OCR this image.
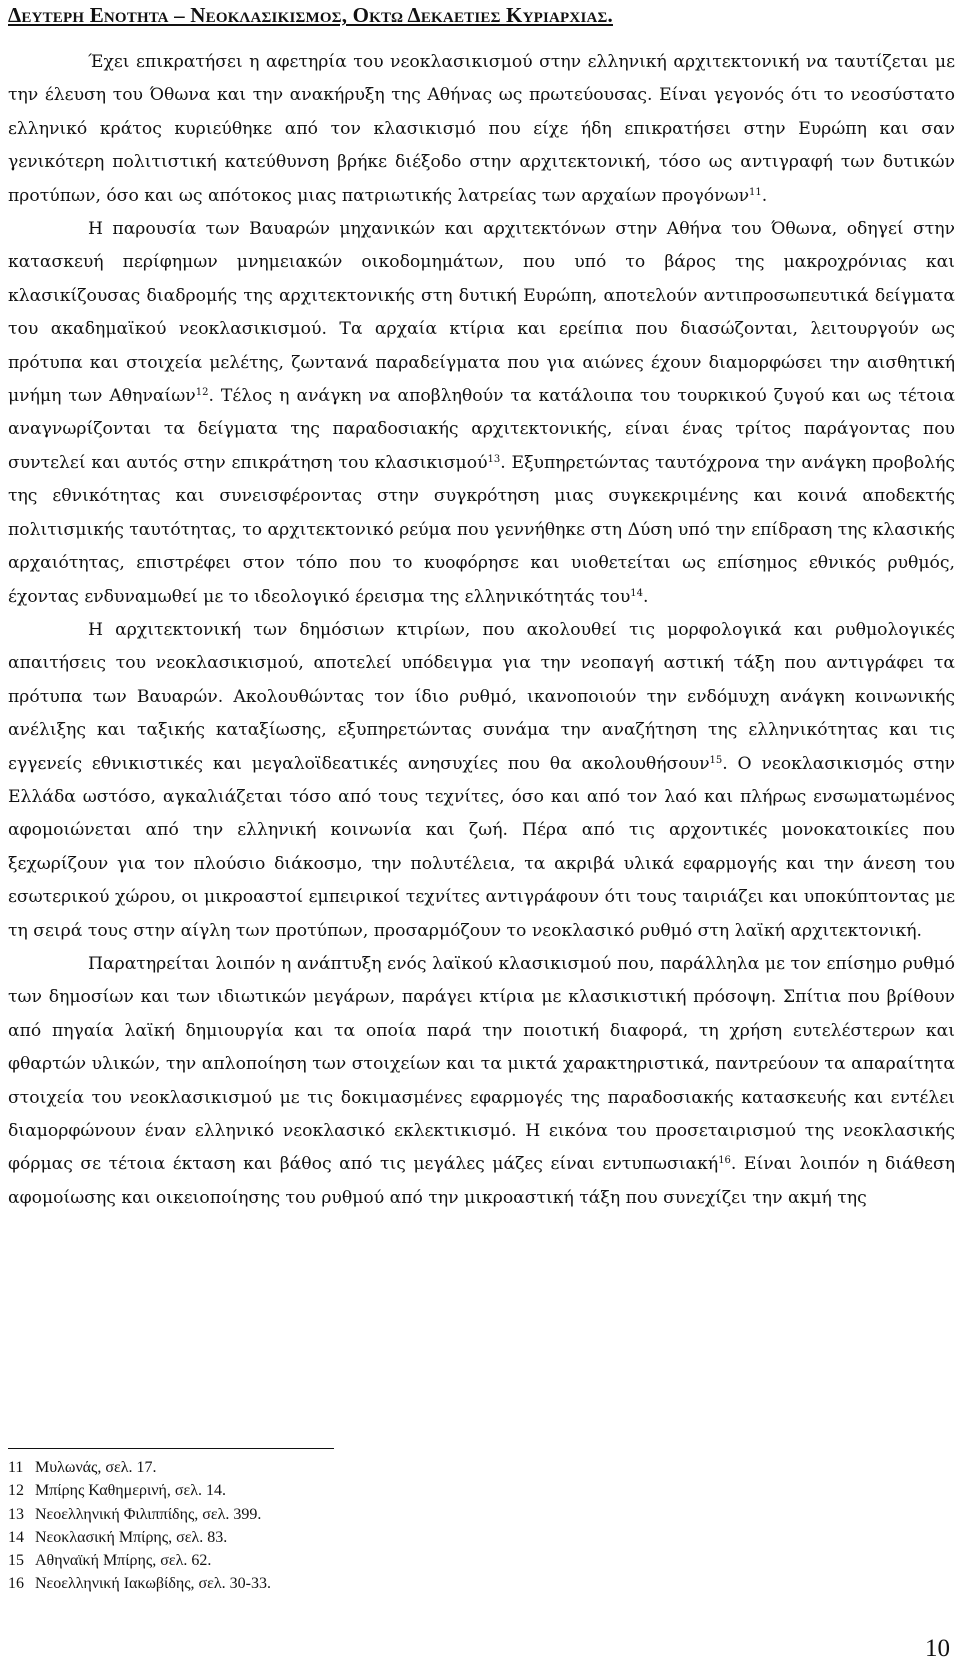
Δευτερη Ενοτητα – Νεοκλασικισμος, Οκτω Δεκαετιες Κυριαρχιας.

Έχει επικρατήσει η αφετηρία του νεοκλασικισμού στην ελληνική αρχιτεκτονική να ταυτίζεται με την έλευση του Όθωνα και την ανακήρυξη της Αθήνας ως πρωτεύουσας. Είναι γεγονός ότι το νεοσύστατο ελληνικό κράτος κυριεύθηκε από τον κλασικισμό που είχε ήδη επικρατήσει στην Ευρώπη και σαν γενικότερη πολιτιστική κατεύθυνση βρήκε διέξοδο στην αρχιτεκτονική, τόσο ως αντιγραφή των δυτικών προτύπων, όσο και ως απότοκος μιας πατριωτικής λατρείας των αρχαίων προγόνων$^{11}$.

Η παρουσία των Βαυαρών μηχανικών και αρχιτεκτόνων στην Αθήνα του Όθωνα, οδηγεί στην κατασκευή περίφημων μνημειακών οικοδομημάτων, που υπό το βάρος της μακροχρόνιας και κλασικίζουσας διαδρομής της αρχιτεκτονικής στη δυτική Ευρώπη, αποτελούν αντιπροσωπευτικά δείγματα του ακαδημαϊκού νεοκλασικισμού. Τα αρχαία κτίρια και ερείπια που διασώζονται, λειτουργούν ως πρότυπα και στοιχεία μελέτης, ζωντανά παραδείγματα που για αιώνες έχουν διαμορφώσει την αισθητική μνήμη των Αθηναίων$^{12}$. Τέλος η ανάγκη να αποβληθούν τα κατάλοιπα του τουρκικού ζυγού και ως τέτοια αναγνωρίζονται τα δείγματα της παραδοσιακής αρχιτεκτονικής, είναι ένας τρίτος παράγοντας που συντελεί και αυτός στην επικράτηση του κλασικισμού$^{13}$. Εξυπηρετώντας ταυτόχρονα την ανάγκη προβολής της εθνικότητας και συνεισφέροντας στην συγκρότηση μιας συγκεκριμένης και κοινά αποδεκτής πολιτισμικής ταυτότητας, το αρχιτεκτονικό ρεύμα που γεννήθηκε στη Δύση υπό την επίδραση της κλασικής αρχαιότητας, επιστρέφει στον τόπο που το κυοφόρησε και υιοθετείται ως επίσημος εθνικός ρυθμός, έχοντας ενδυναμωθεί με το ιδεολογικό έρεισμα της ελληνικότητάς του$^{14}$.

Η αρχιτεκτονική των δημόσιων κτιρίων, που ακολουθεί τις μορφολογικά και ρυθμολογικές απαιτήσεις του νεοκλασικισμού, αποτελεί υπόδειγμα για την νεοπαγή αστική τάξη που αντιγράφει τα πρότυπα των Βαυαρών. Ακολουθώντας τον ίδιο ρυθμό, ικανοποιούν την ενδόμυχη ανάγκη κοινωνικής ανέλιξης και ταξικής καταξίωσης, εξυπηρετώντας συνάμα την αναζήτηση της ελληνικότητας και τις εγγενείς εθνικιστικές και μεγαλοϊδεατικές ανησυχίες που θα ακολουθήσουν$^{15}$. Ο νεοκλασικισμός στην Ελλάδα ωστόσο, αγκαλιάζεται τόσο από τους τεχνίτες, όσο και από τον λαό και πλήρως ενσωματωμένος αφομοιώνεται από την ελληνική κοινωνία και ζωή. Πέρα από τις αρχοντικές μονοκατοικίες που ξεχωρίζουν για τον πλούσιο διάκοσμο, την πολυτέλεια, τα ακριβά υλικά εφαρμογής και την άνεση του εσωτερικού χώρου, οι μικροαστοί εμπειρικοί τεχνίτες αντιγράφουν ότι τους ταιριάζει και υποκύπτοντας με τη σειρά τους στην αίγλη των προτύπων, προσαρμόζουν το νεοκλασικό ρυθμό στη λαϊκή αρχιτεκτονική.

Παρατηρείται λοιπόν η ανάπτυξη ενός λαϊκού κλασικισμού που, παράλληλα με τον επίσημο ρυθμό των δημοσίων και των ιδιωτικών μεγάρων, παράγει κτίρια με κλασικιστική πρόσοψη. Σπίτια που βρίθουν από πηγαία λαϊκή δημιουργία και τα οποία παρά την ποιοτική διαφορά, τη χρήση ευτελέστερων και φθαρτών υλικών, την απλοποίηση των στοιχείων και τα μικτά χαρακτηριστικά, παντρεύουν τα απαραίτητα στοιχεία του νεοκλασικισμού με τις δοκιμασμένες εφαρμογές της παραδοσιακής κατασκευής και εντέλει διαμορφώνουν έναν ελληνικό νεοκλασικό εκλεκτικισμό. Η εικόνα του προσεταιρισμού της νεοκλασικής φόρμας σε τέτοια έκταση και βάθος από τις μεγάλες μάζες είναι εντυπωσιακή$^{16}$. Είναι λοιπόν η διάθεση αφομοίωσης και οικειοποίησης του ρυθμού από την μικροαστική τάξη που συνεχίζει την ακμή της

11 Μυλωνάς, σελ. 17.
12 Μπίρης Καθημερινή, σελ. 14.
13 Νεοελληνική Φιλιππίδης, σελ. 399.
14 Νεοκλασική Μπίρης, σελ. 83.
15 Αθηναϊκή Μπίρης, σελ. 62.
16 Νεοελληνική Ιακωβίδης, σελ. 30-33.
10
